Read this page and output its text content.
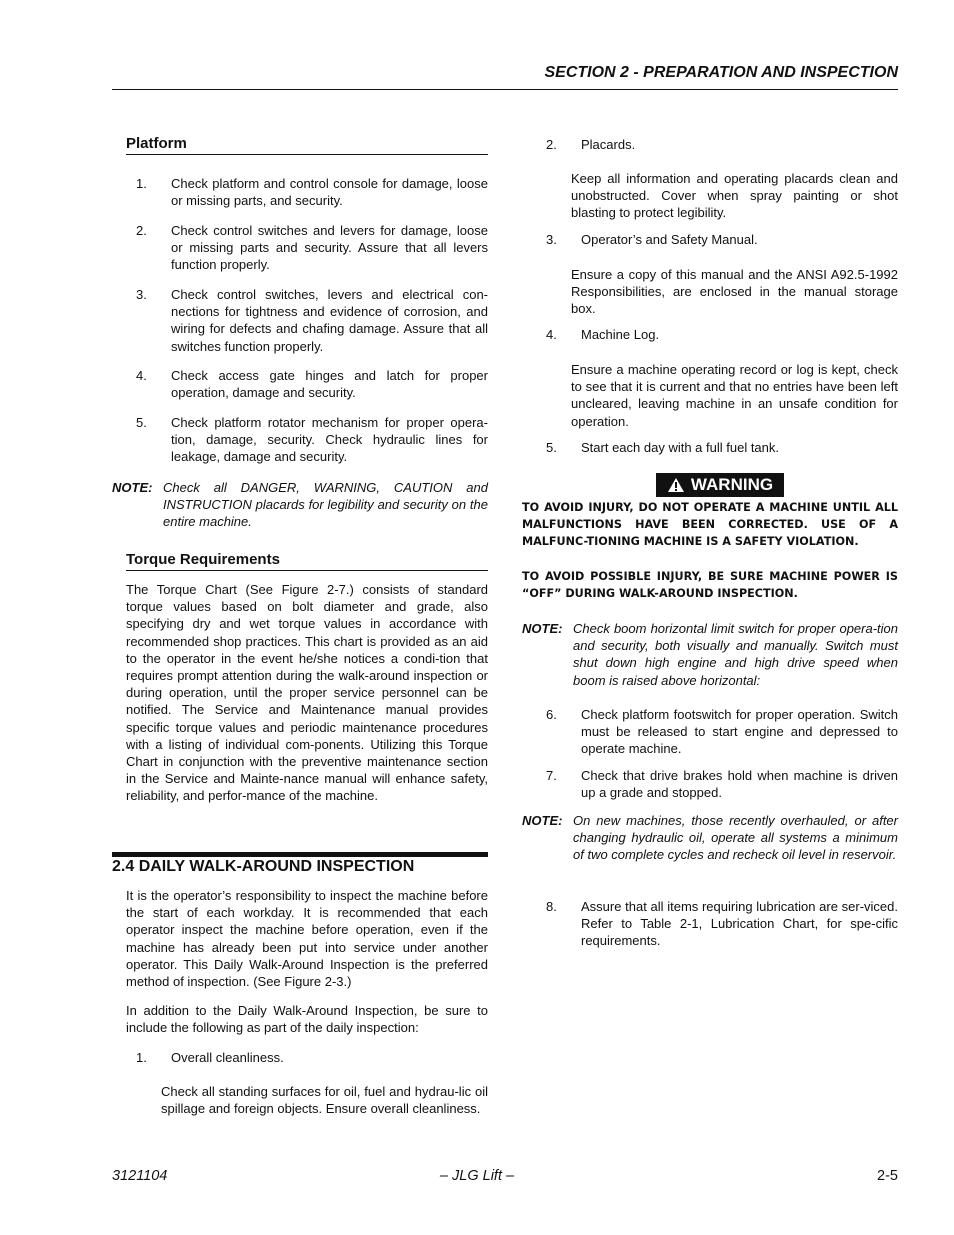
SECTION 2 - PREPARATION AND INSPECTION
Platform
1.	Check platform and control console for damage, loose or missing parts, and security.
2.	Check control switches and levers for damage, loose or missing parts and security. Assure that all levers function properly.
3.	Check control switches, levers and electrical con-nections for tightness and evidence of corrosion, and wiring for defects and chafing damage. Assure that all switches function properly.
4.	Check access gate hinges and latch for proper operation, damage and security.
5.	Check platform rotator mechanism for proper opera-tion, damage, security. Check hydraulic lines for leakage, damage and security.
NOTE: Check all DANGER, WARNING, CAUTION and INSTRUCTION placards for legibility and security on the entire machine.
Torque Requirements
The Torque Chart (See Figure 2-7.) consists of standard torque values based on bolt diameter and grade, also specifying dry and wet torque values in accordance with recommended shop practices. This chart is provided as an aid to the operator in the event he/she notices a condi-tion that requires prompt attention during the walk-around inspection or during operation, until the proper service personnel can be notified. The Service and Maintenance manual provides specific torque values and periodic maintenance procedures with a listing of individual com-ponents. Utilizing this Torque Chart in conjunction with the preventive maintenance section in the Service and Mainte-nance manual will enhance safety, reliability, and perfor-mance of the machine.
2.4 DAILY WALK-AROUND INSPECTION
It is the operator’s responsibility to inspect the machine before the start of each workday. It is recommended that each operator inspect the machine before operation, even if the machine has already been put into service under another operator. This Daily Walk-Around Inspection is the preferred method of inspection. (See Figure 2-3.)
In addition to the Daily Walk-Around Inspection, be sure to include the following as part of the daily inspection:
1.	Overall cleanliness.
Check all standing surfaces for oil, fuel and hydrau-lic oil spillage and foreign objects. Ensure overall cleanliness.
2.	Placards.
Keep all information and operating placards clean and unobstructed. Cover when spray painting or shot blasting to protect legibility.
3.	Operator’s and Safety Manual.
Ensure a copy of this manual and the ANSI A92.5-1992 Responsibilities, are enclosed in the manual storage box.
4.	Machine Log.
Ensure a machine operating record or log is kept, check to see that it is current and that no entries have been left uncleared, leaving machine in an unsafe condition for operation.
5.	Start each day with a full fuel tank.
WARNING
TO AVOID INJURY, DO NOT OPERATE A MACHINE UNTIL ALL MALFUNCTIONS HAVE BEEN CORRECTED. USE OF A MALFUNC-TIONING MACHINE IS A SAFETY VIOLATION.
TO AVOID POSSIBLE INJURY, BE SURE MACHINE POWER IS “OFF” DURING WALK-AROUND INSPECTION.
NOTE: Check boom horizontal limit switch for proper opera-tion and security, both visually and manually. Switch must shut down high engine and high drive speed when boom is raised above horizontal:
6.	Check platform footswitch for proper operation. Switch must be released to start engine and depressed to operate machine.
7.	Check that drive brakes hold when machine is driven up a grade and stopped.
NOTE: On new machines, those recently overhauled, or after changing hydraulic oil, operate all systems a minimum of two complete cycles and recheck oil level in reservoir.
8.	Assure that all items requiring lubrication are ser-viced. Refer to Table 2-1, Lubrication Chart, for spe-cific requirements.
3121104	– JLG Lift –	2-5
